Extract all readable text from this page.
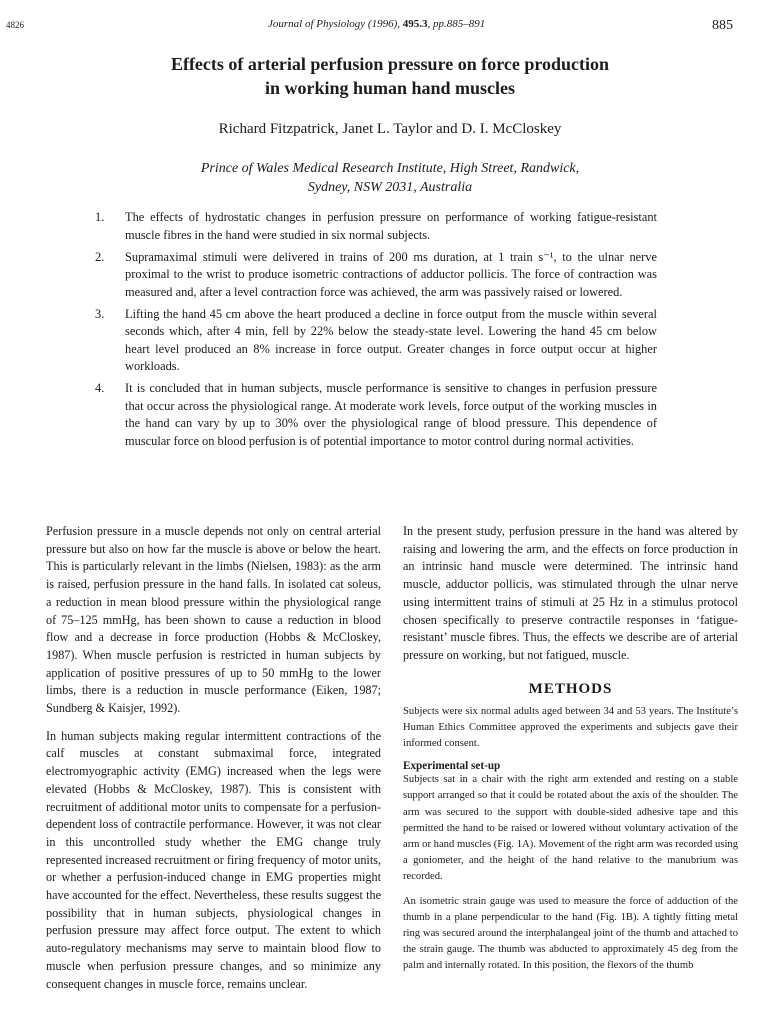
4826	Journal of Physiology (1996), 495.3, pp.885–891	885
Effects of arterial perfusion pressure on force production
in working human hand muscles
Richard Fitzpatrick, Janet L. Taylor and D. I. McCloskey
Prince of Wales Medical Research Institute, High Street, Randwick,
Sydney, NSW 2031, Australia
1.	The effects of hydrostatic changes in perfusion pressure on performance of working fatigue-resistant muscle fibres in the hand were studied in six normal subjects.
2.	Supramaximal stimuli were delivered in trains of 200 ms duration, at 1 train s⁻¹, to the ulnar nerve proximal to the wrist to produce isometric contractions of adductor pollicis. The force of contraction was measured and, after a level contraction force was achieved, the arm was passively raised or lowered.
3.	Lifting the hand 45 cm above the heart produced a decline in force output from the muscle within several seconds which, after 4 min, fell by 22% below the steady-state level. Lowering the hand 45 cm below heart level produced an 8% increase in force output. Greater changes in force output occur at higher workloads.
4.	It is concluded that in human subjects, muscle performance is sensitive to changes in perfusion pressure that occur across the physiological range. At moderate work levels, force output of the working muscles in the hand can vary by up to 30% over the physiological range of blood pressure. This dependence of muscular force on blood perfusion is of potential importance to motor control during normal activities.

Perfusion pressure in a muscle depends not only on central arterial pressure but also on how far the muscle is above or below the heart. This is particularly relevant in the limbs (Nielsen, 1983): as the arm is raised, perfusion pressure in the hand falls. In isolated cat soleus, a reduction in mean blood pressure within the physiological range of 75–125 mmHg, has been shown to cause a reduction in blood flow and a decrease in force production (Hobbs & McCloskey, 1987). When muscle perfusion is restricted in human subjects by application of positive pressures of up to 50 mmHg to the lower limbs, there is a reduction in muscle performance (Eiken, 1987; Sundberg & Kaisjer, 1992).

In human subjects making regular intermittent contractions of the calf muscles at constant submaximal force, integrated electromyographic activity (EMG) increased when the legs were elevated (Hobbs & McCloskey, 1987). This is consistent with recruitment of additional motor units to compensate for a perfusion-dependent loss of contractile performance. However, it was not clear in this uncontrolled study whether the EMG change truly represented increased recruitment or firing frequency of motor units, or whether a perfusion-induced change in EMG properties might have accounted for the effect. Nevertheless, these results suggest the possibility that in human subjects, physiological changes in perfusion pressure may affect force output. The extent to which auto-regulatory mechanisms may serve to maintain blood flow to muscle when perfusion pressure changes, and so minimize any consequent changes in muscle force, remains unclear.

In the present study, perfusion pressure in the hand was altered by raising and lowering the arm, and the effects on force production in an intrinsic hand muscle were determined. The intrinsic hand muscle, adductor pollicis, was stimulated through the ulnar nerve using intermittent trains of stimuli at 25 Hz in a stimulus protocol chosen specifically to preserve contractile responses in ‘fatigue-resistant’ muscle fibres. Thus, the effects we describe are of arterial pressure on working, but not fatigued, muscle.

METHODS

Subjects were six normal adults aged between 34 and 53 years. The Institute’s Human Ethics Committee approved the experiments and subjects gave their informed consent.

Experimental set-up

Subjects sat in a chair with the right arm extended and resting on a stable support arranged so that it could be rotated about the axis of the shoulder. The arm was secured to the support with double-sided adhesive tape and this permitted the hand to be raised or lowered without voluntary activation of the arm or hand muscles (Fig. 1A). Movement of the right arm was recorded using a goniometer, and the height of the hand relative to the manubrium was recorded.

An isometric strain gauge was used to measure the force of adduction of the thumb in a plane perpendicular to the hand (Fig. 1B). A tightly fitting metal ring was secured around the interphalangeal joint of the thumb and attached to the strain gauge. The thumb was abducted to approximately 45 deg from the palm and internally rotated. In this position, the flexors of the thumb
